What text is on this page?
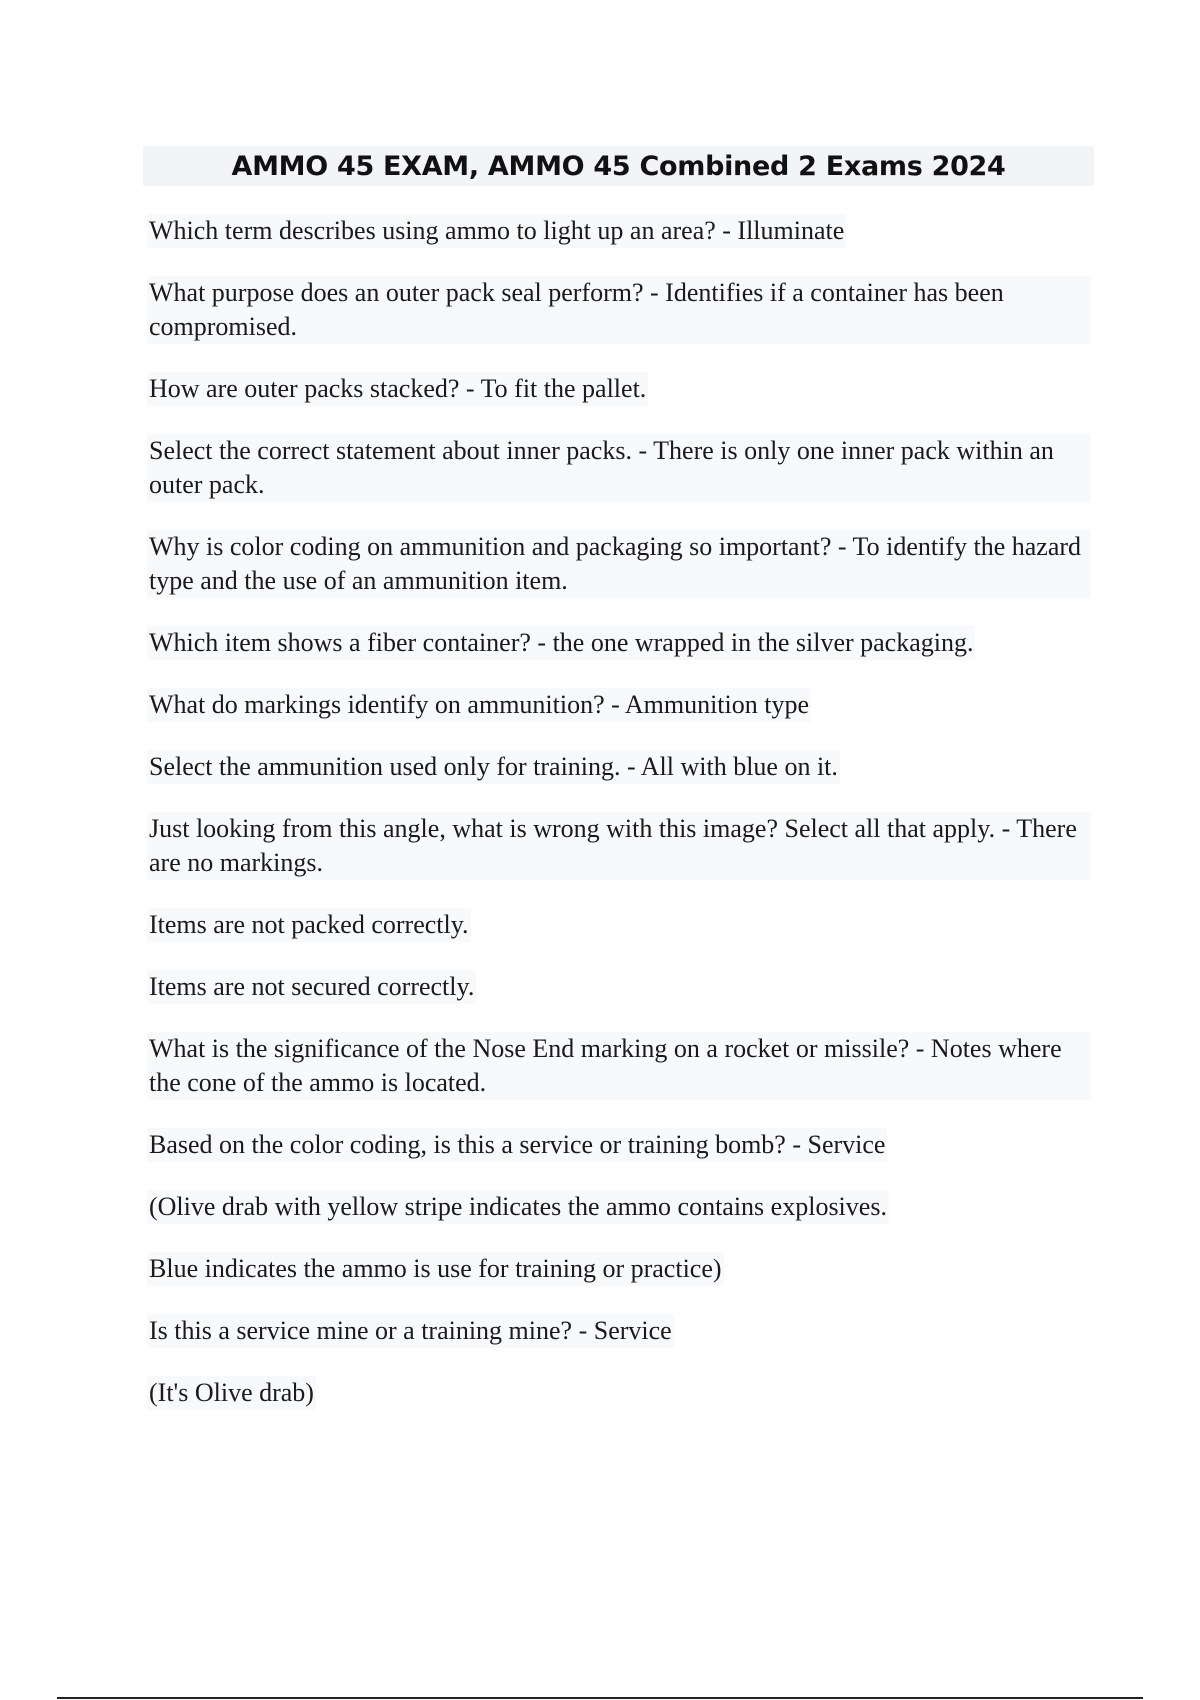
AMMO 45 EXAM, AMMO 45 Combined 2 Exams 2024
Which term describes using ammo to light up an area? - Illuminate
What purpose does an outer pack seal perform? - Identifies if a container has been compromised.
How are outer packs stacked? - To fit the pallet.
Select the correct statement about inner packs. - There is only one inner pack within an outer pack.
Why is color coding on ammunition and packaging so important? - To identify the hazard type and the use of an ammunition item.
Which item shows a fiber container? - the one wrapped in the silver packaging.
What do markings identify on ammunition? - Ammunition type
Select the ammunition used only for training. - All with blue on it.
Just looking from this angle, what is wrong with this image? Select all that apply. - There are no markings.
Items are not packed correctly.
Items are not secured correctly.
What is the significance of the Nose End marking on a rocket or missile? - Notes where the cone of the ammo is located.
Based on the color coding, is this a service or training bomb? - Service
(Olive drab with yellow stripe indicates the ammo contains explosives.
Blue indicates the ammo is use for training or practice)
Is this a service mine or a training mine? - Service
(It's Olive drab)
